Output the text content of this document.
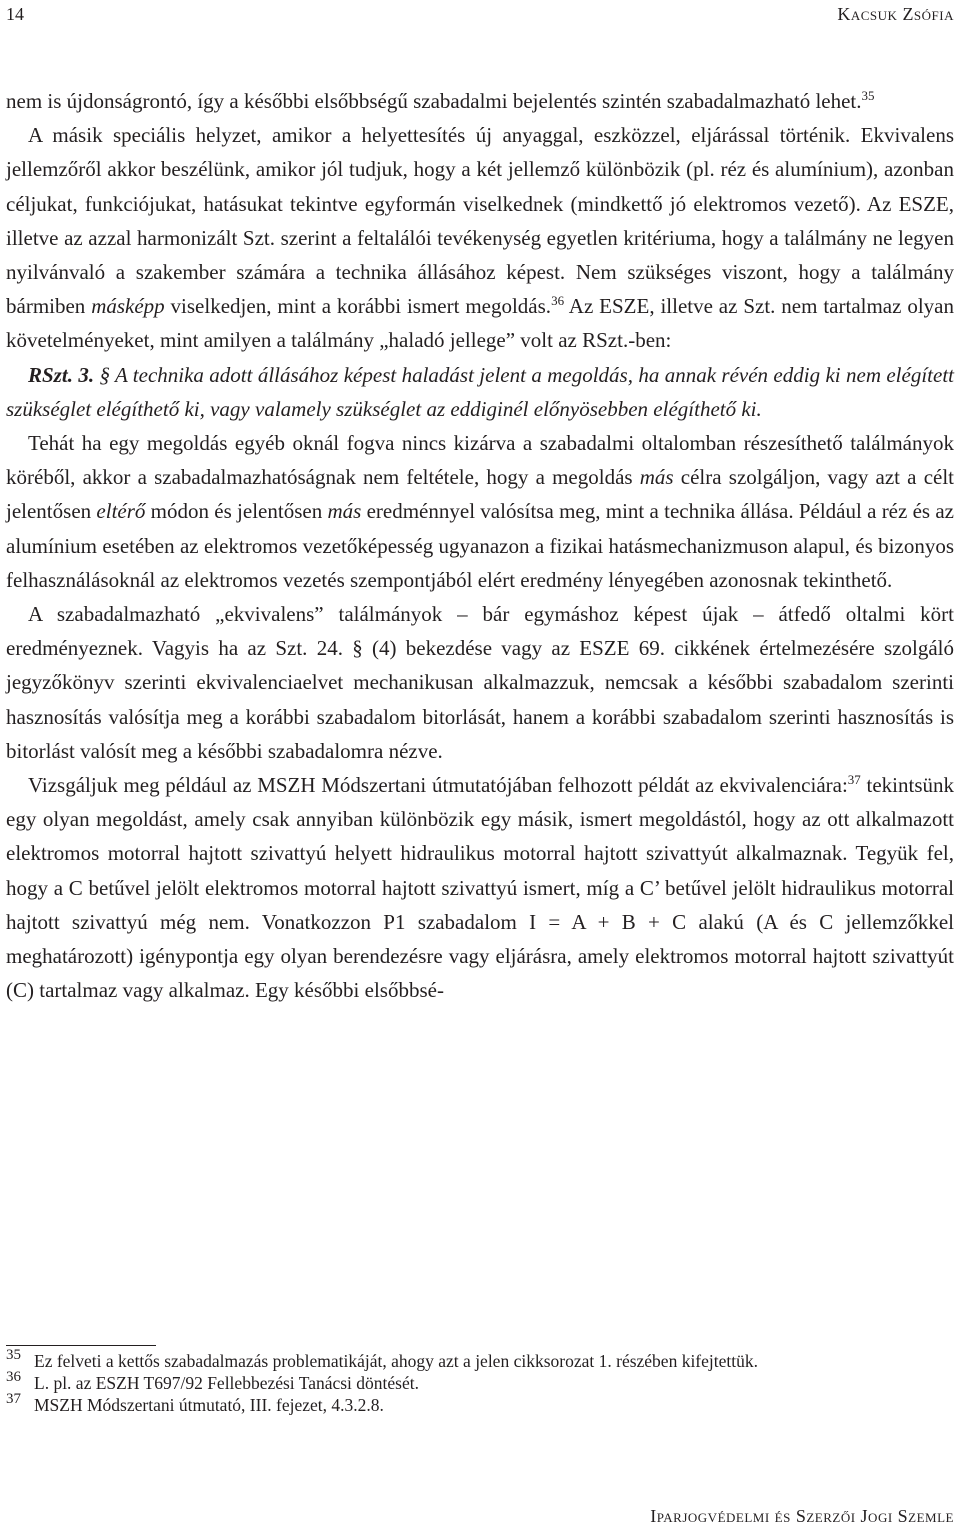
14	Kacsuk Zsófia

nem is újdonságrontó, így a későbbi elsőbbségű szabadalmi bejelentés szintén szabadalmazható lehet.$^{35}$

A másik speciális helyzet, amikor a helyettesítés új anyaggal, eszközzel, eljárással történik. Ekvivalens jellemzőről akkor beszélünk, amikor jól tudjuk, hogy a két jellemző különbözik (pl. réz és alumínium), azonban céljukat, funkciójukat, hatásukat tekintve egyformán viselkednek (mindkettő jó elektromos vezető). Az ESZE, illetve az azzal harmonizált Szt. szerint a feltalálói tevékenység egyetlen kritériuma, hogy a találmány ne legyen nyilvánvaló a szakember számára a technika állásához képest. Nem szükséges viszont, hogy a találmány bármiben másképp viselkedjen, mint a korábbi ismert megoldás.$^{36}$ Az ESZE, illetve az Szt. nem tartalmaz olyan követelményeket, mint amilyen a találmány „haladó jellege” volt az RSzt.-ben:

RSzt. 3. § A technika adott állásához képest haladást jelent a megoldás, ha annak révén eddig ki nem elégített szükséglet elégíthető ki, vagy valamely szükséglet az eddiginél előnyösebben elégíthető ki.

Tehát ha egy megoldás egyéb oknál fogva nincs kizárva a szabadalmi oltalomban részesíthető találmányok köréből, akkor a szabadalmazhatóságnak nem feltétele, hogy a megoldás más célra szolgáljon, vagy azt a célt jelentősen eltérő módon és jelentősen más eredménnyel valósítsa meg, mint a technika állása. Például a réz és az alumínium esetében az elektromos vezetőképesség ugyanazon a fizikai hatásmechanizmuson alapul, és bizonyos felhasználásoknál az elektromos vezetés szempontjából elért eredmény lényegében azonosnak tekinthető.

A szabadalmazható „ekvivalens” találmányok – bár egymáshoz képest újak – átfedő oltalmi kört eredményeznek. Vagyis ha az Szt. 24. § (4) bekezdése vagy az ESZE 69. cikkének értelmezésére szolgáló jegyzőkönyv szerinti ekvivalenciaelvet mechanikusan alkalmazzuk, nemcsak a későbbi szabadalom szerinti hasznosítás valósítja meg a korábbi szabadalom bitorlását, hanem a korábbi szabadalom szerinti hasznosítás is bitorlást valósít meg a későbbi szabadalomra nézve.

Vizsgáljuk meg például az MSZH Módszertani útmutatójában felhozott példát az ekvivalenciára:$^{37}$ tekintsünk egy olyan megoldást, amely csak annyiban különbözik egy másik, ismert megoldástól, hogy az ott alkalmazott elektromos motorral hajtott szivattyú helyett hidraulikus motorral hajtott szivattyút alkalmaznak. Tegyük fel, hogy a C betűvel jelölt elektromos motorral hajtott szivattyú ismert, míg a C’ betűvel jelölt hidraulikus motorral hajtott szivattyú még nem. Vonatkozzon P1 szabadalom I = A + B + C alakú (A és C jellemzőkkel meghatározott) igénypontja egy olyan berendezésre vagy eljárásra, amely elektromos motorral hajtott szivattyút (C) tartalmaz vagy alkalmaz. Egy későbbi elsőbbsé-

35 Ez felveti a kettős szabadalmazás problematikáját, ahogy azt a jelen cikksorozat 1. részében kifejtettük.
36 L. pl. az ESZH T697/92 Fellebbezési Tanácsi döntését.
37 MSZH Módszertani útmutató, III. fejezet, 4.3.2.8.
Iparjogvédelmi és Szerzői Jogi Szemle
